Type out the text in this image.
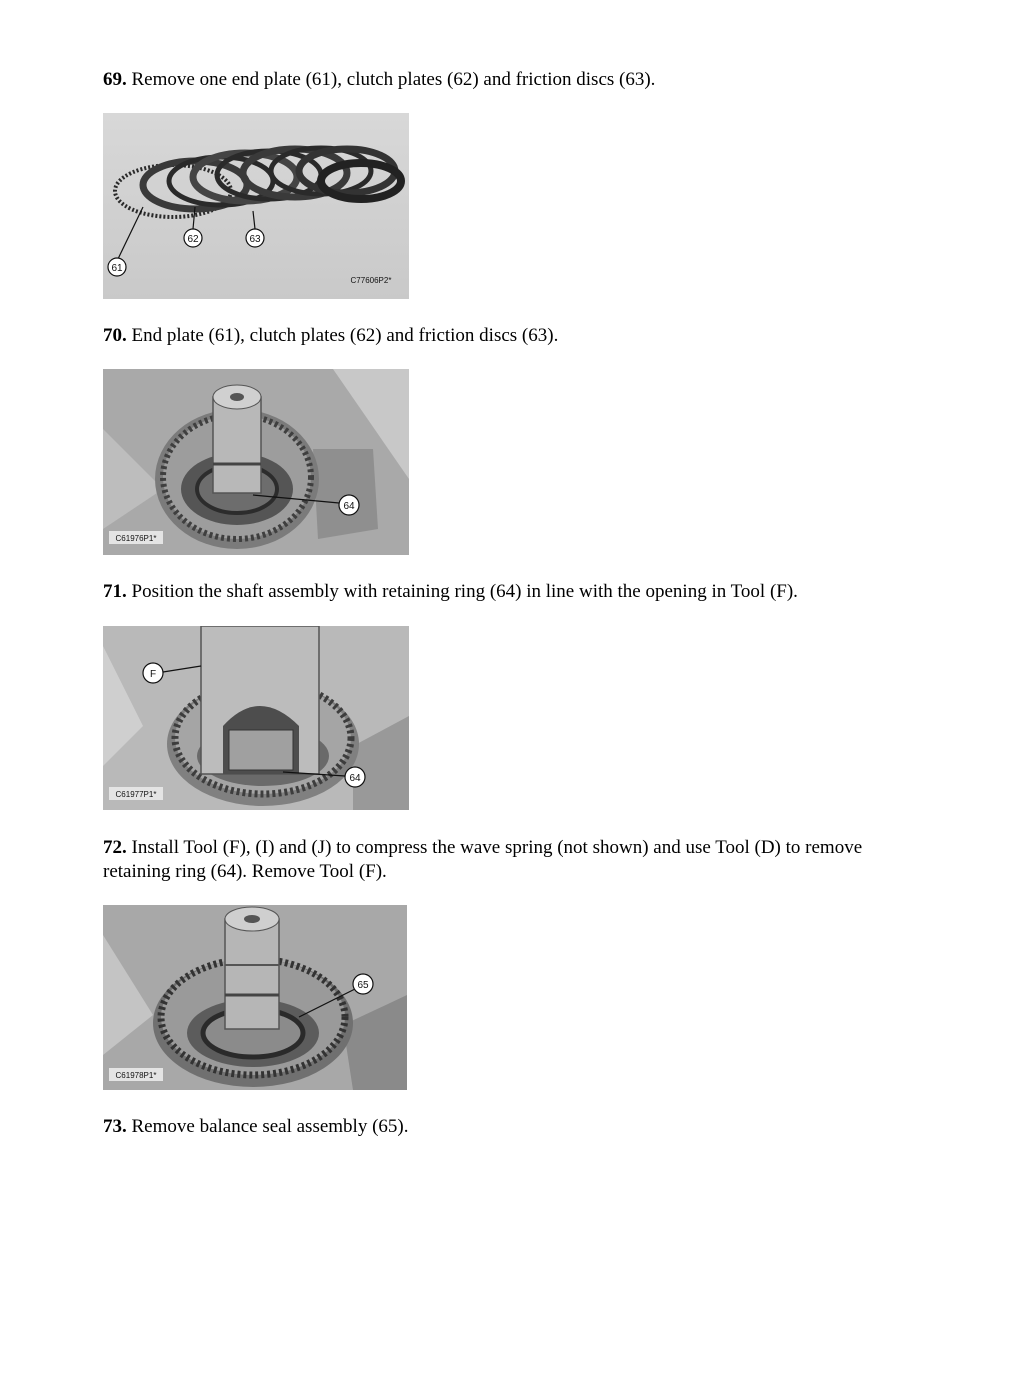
69. Remove one end plate (61), clutch plates (62) and friction discs (63).

61
62	63
C77606P2*

70. End plate (61), clutch plates (62) and friction discs (63).

64
C61976P1*

71. Position the shaft assembly with retaining ring (64) in line with the opening in Tool (F).

F
64
C61977P1*

72. Install Tool (F), (I) and (J) to compress the wave spring (not shown) and use Tool (D) to remove retaining ring (64). Remove Tool (F).

65
C61978P1*

73. Remove balance seal assembly (65).
